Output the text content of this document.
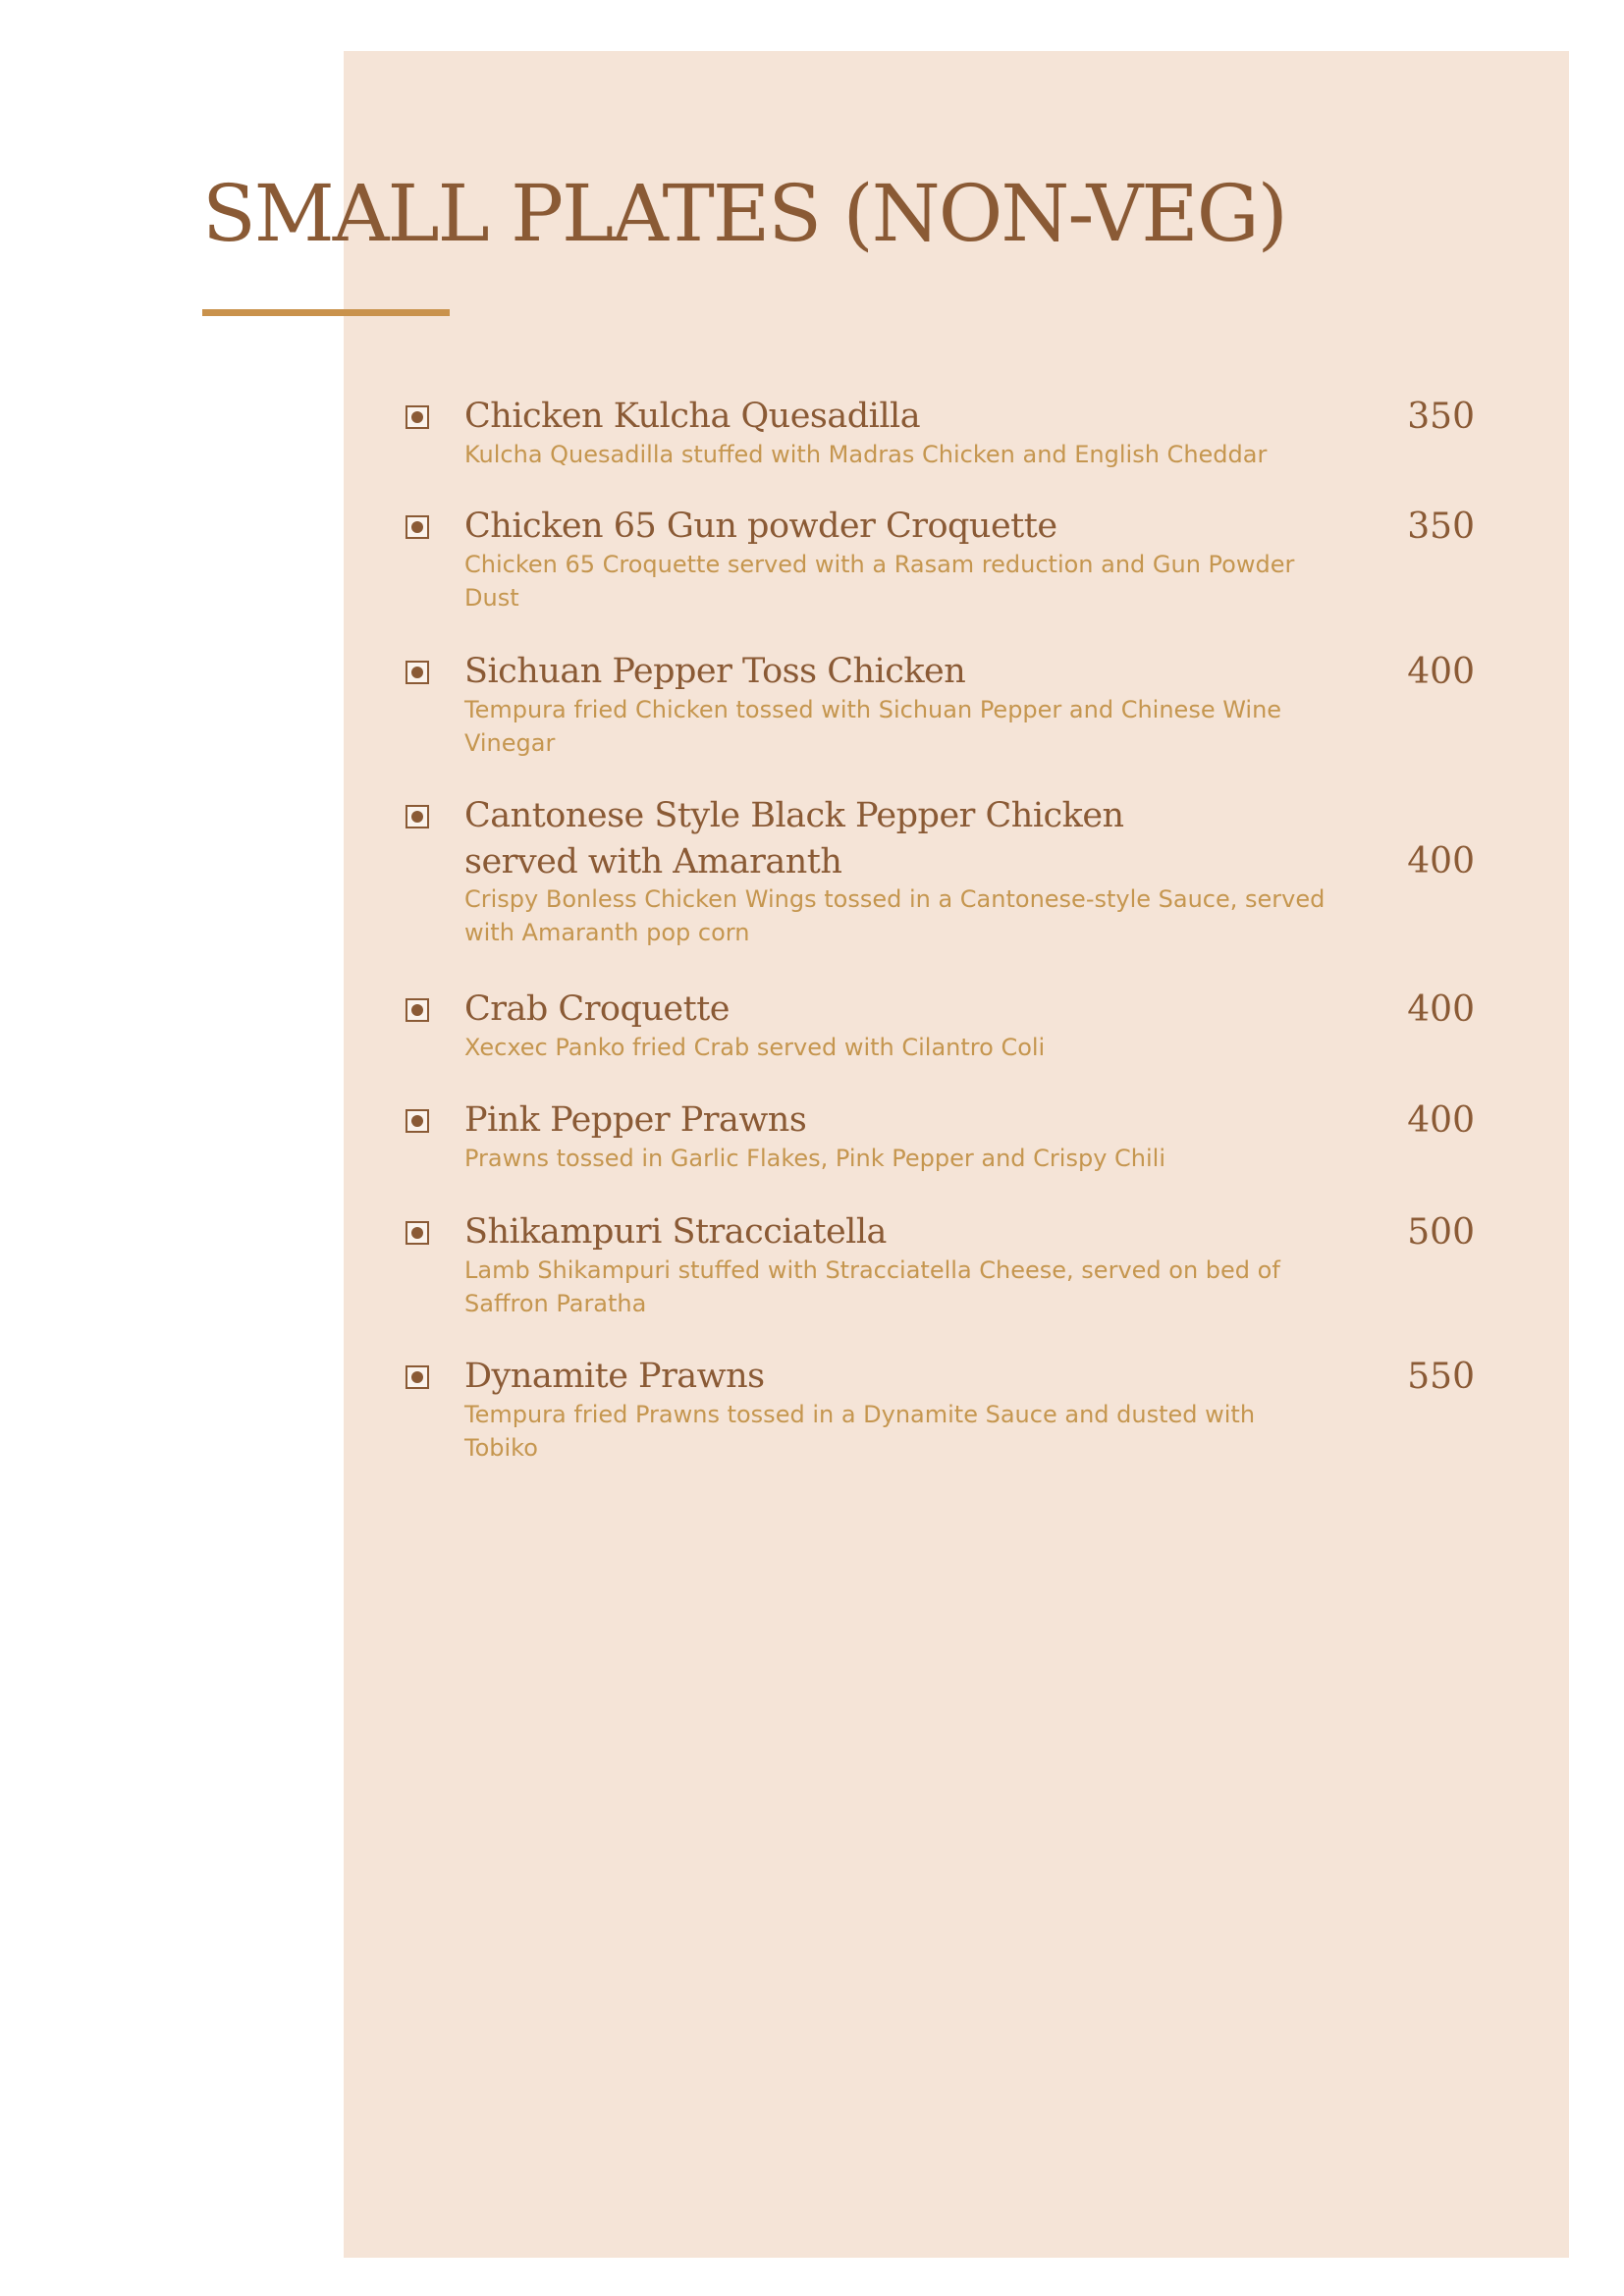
SMALL PLATES (NON-VEG)
Chicken Kulcha Quesadilla
Kulcha Quesadilla stuffed with Madras Chicken and English Cheddar
350
Chicken 65 Gun powder Croquette
Chicken 65 Croquette served with a Rasam reduction and Gun Powder Dust
350
Sichuan Pepper Toss Chicken
Tempura fried Chicken tossed with Sichuan Pepper and Chinese Wine Vinegar
400
Cantonese Style Black Pepper Chicken served with Amaranth
Crispy Bonless Chicken Wings tossed in a Cantonese-style Sauce, served with Amaranth pop corn
400
Crab Croquette
Xecxec Panko fried Crab served with Cilantro Coli
400
Pink Pepper Prawns
Prawns tossed in Garlic Flakes, Pink Pepper and Crispy Chili
400
Shikampuri Stracciatella
Lamb Shikampuri stuffed with Stracciatella Cheese, served on bed of Saffron Paratha
500
Dynamite Prawns
Tempura fried Prawns tossed in a Dynamite Sauce and dusted with Tobiko
550
